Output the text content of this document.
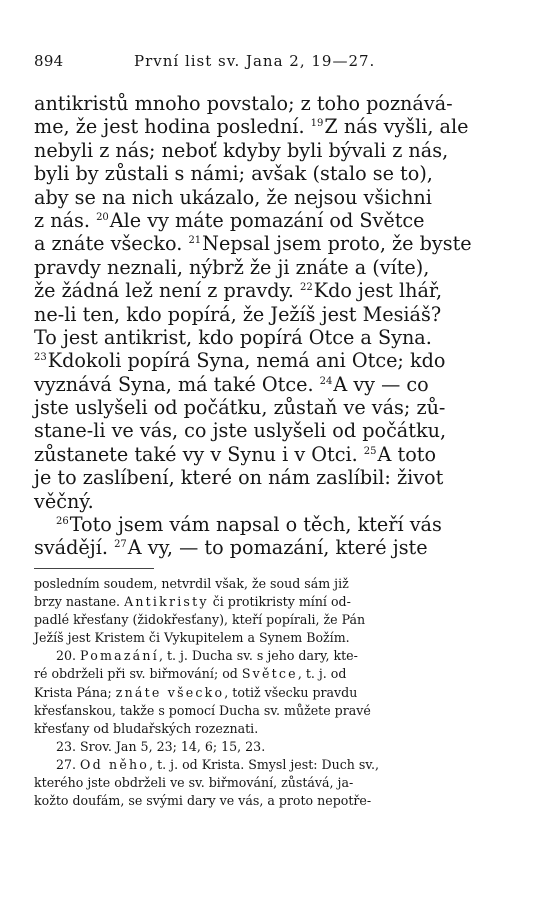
894	První list sv. Jana 2, 19—27.
antikristů mnoho povstalo; z toho poznává-
me, že jest hodina poslední. $^{19}$Z nás vyšli, ale
nebyli z nás; neboť kdyby byli bývali z nás,
byli by zůstali s námi; avšak (stalo se to),
aby se na nich ukázalo, že nejsou všichni
z nás. $^{20}$Ale vy máte pomazání od Světce
a znáte všecko. $^{21}$Nepsal jsem proto, že byste
pravdy neznali, nýbrž že ji znáte a (víte),
že žádná lež není z pravdy. $^{22}$Kdo jest lhář,
ne-li ten, kdo popírá, že Ježíš jest Mesiáš?
To jest antikrist, kdo popírá Otce a Syna.
$^{23}$Kdokoli popírá Syna, nemá ani Otce; kdo
vyznává Syna, má také Otce. $^{24}$A vy — co
jste uslyšeli od počátku, zůstaň ve vás; zů-
stane-li ve vás, co jste uslyšeli od počátku,
zůstanete také vy v Synu i v Otci. $^{25}$A toto
je to zaslíbení, které on nám zaslíbil: život
věčný.
$^{26}$Toto jsem vám napsal o těch, kteří vás
svádějí. $^{27}$A vy, — to pomazání, které jste
posledním soudem, netvrdil však, že soud sám již
brzy nastane. Antikristy či protikristy míní od-
padlé křesťany (židokřesťany), kteří popírali, že Pán
Ježíš jest Kristem či Vykupitelem a Synem Božím.
20. Pomazání, t. j. Ducha sv. s jeho dary, kte-
ré obdrželi při sv. biřmování; od Světce, t. j. od
Krista Pána; znáte všecko, totiž všecku pravdu
křesťanskou, takže s pomocí Ducha sv. můžete pravé
křesťany od bludařských rozeznati.
23. Srov. Jan 5, 23; 14, 6; 15, 23.
27. Od něho, t. j. od Krista. Smysl jest: Duch sv.,
kterého jste obdrželi ve sv. biřmování, zůstává, ja-
kožto doufám, se svými dary ve vás, a proto nepotře-
